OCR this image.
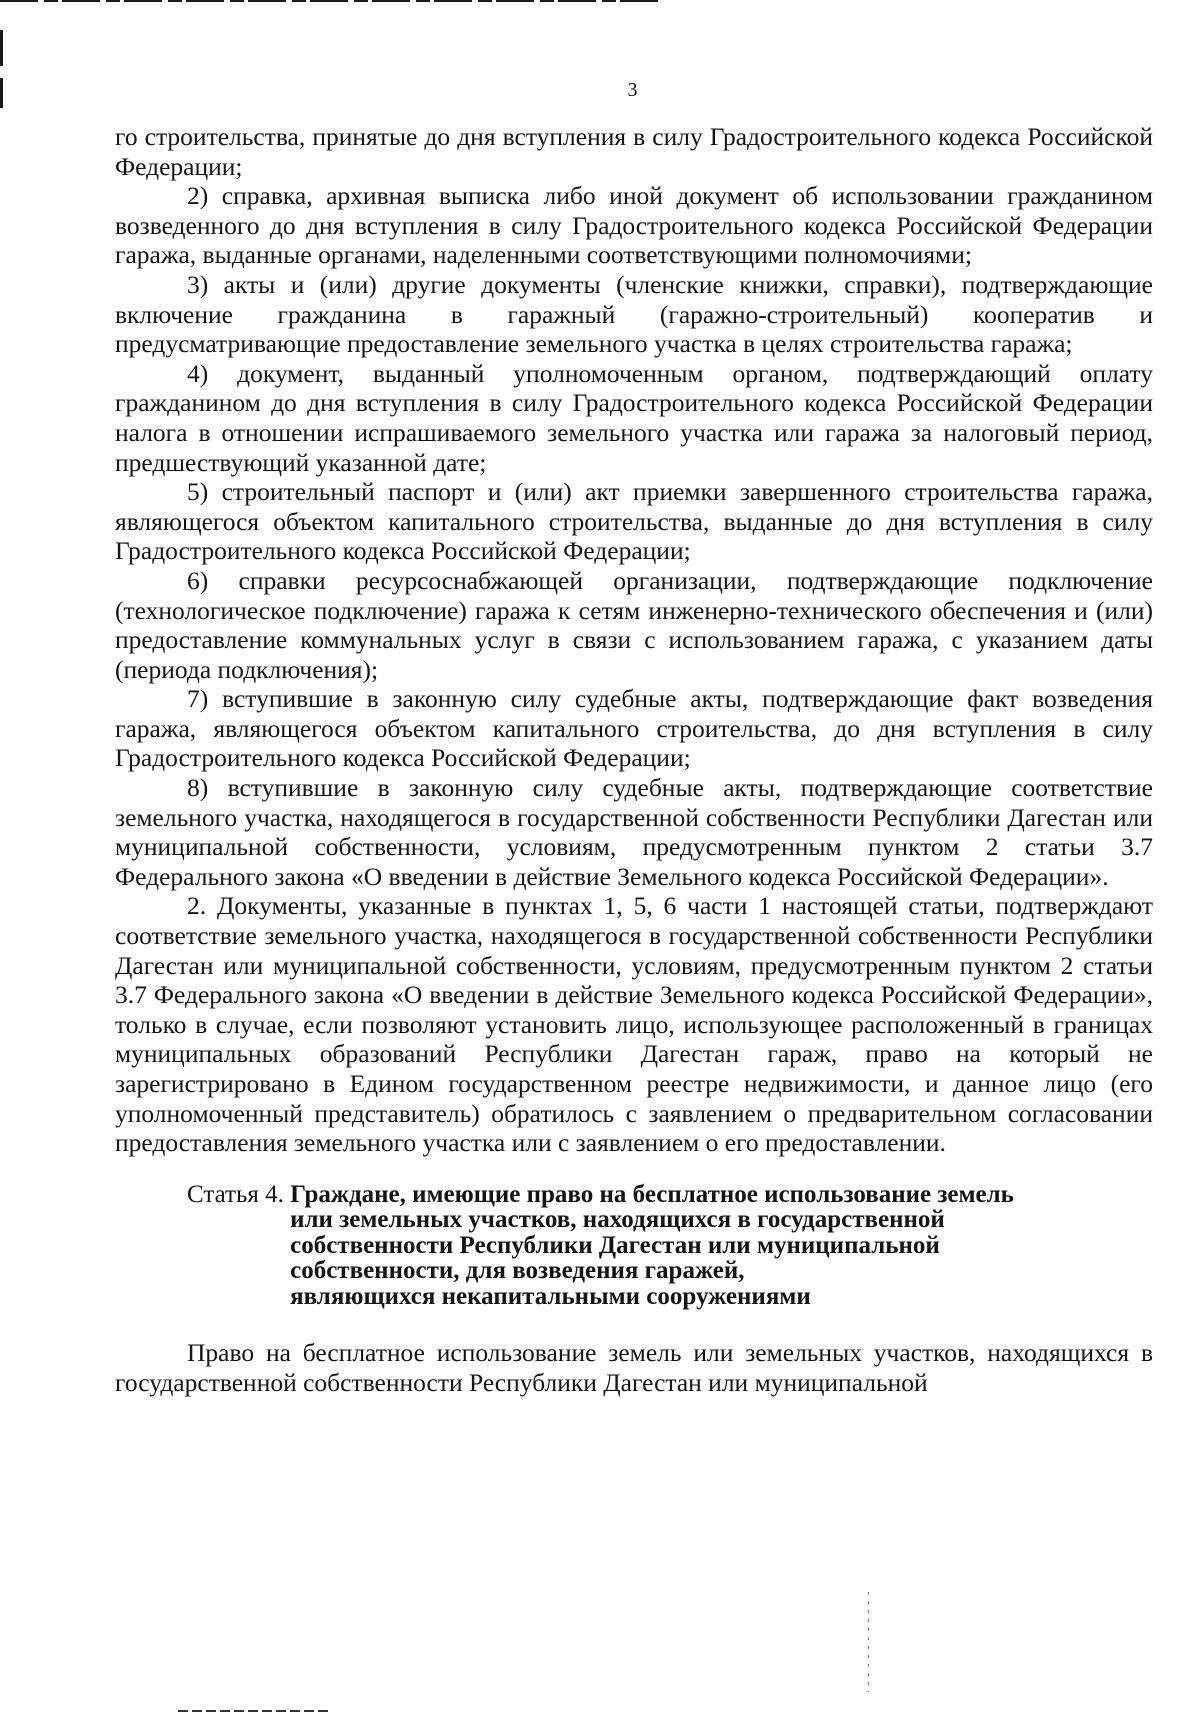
3

го строительства, принятые до дня вступления в силу Градостроительного кодекса Российской Федерации;

2) справка, архивная выписка либо иной документ об использовании гражданином возведенного до дня вступления в силу Градостроительного кодекса Российской Федерации гаража, выданные органами, наделенными соответствующими полномочиями;

3) акты и (или) другие документы (членские книжки, справки), подтверждающие включение гражданина в гаражный (гаражно-строительный) кооператив и предусматривающие предоставление земельного участка в целях строительства гаража;

4) документ, выданный уполномоченным органом, подтверждающий оплату гражданином до дня вступления в силу Градостроительного кодекса Российской Федерации налога в отношении испрашиваемого земельного участка или гаража за налоговый период, предшествующий указанной дате;

5) строительный паспорт и (или) акт приемки завершенного строительства гаража, являющегося объектом капитального строительства, выданные до дня вступления в силу Градостроительного кодекса Российской Федерации;

6) справки ресурсоснабжающей организации, подтверждающие подключение (технологическое подключение) гаража к сетям инженерно-технического обеспечения и (или) предоставление коммунальных услуг в связи с использованием гаража, с указанием даты (периода подключения);

7) вступившие в законную силу судебные акты, подтверждающие факт возведения гаража, являющегося объектом капитального строительства, до дня вступления в силу Градостроительного кодекса Российской Федерации;

8) вступившие в законную силу судебные акты, подтверждающие соответствие земельного участка, находящегося в государственной собственности Республики Дагестан или муниципальной собственности, условиям, предусмотренным пунктом 2 статьи 3.7 Федерального закона «О введении в действие Земельного кодекса Российской Федерации».

2. Документы, указанные в пунктах 1, 5, 6 части 1 настоящей статьи, подтверждают соответствие земельного участка, находящегося в государственной собственности Республики Дагестан или муниципальной собственности, условиям, предусмотренным пунктом 2 статьи 3.7 Федерального закона «О введении в действие Земельного кодекса Российской Федерации», только в случае, если позволяют установить лицо, использующее расположенный в границах муниципальных образований Республики Дагестан гараж, право на который не зарегистрировано в Едином государственном реестре недвижимости, и данное лицо (его уполномоченный представитель) обратилось с заявлением о предварительном согласовании предоставления земельного участка или с заявлением о его предоставлении.

Статья 4.
Граждане, имеющие право на бесплатное использование земель
или земельных участков, находящихся в государственной
собственности Республики Дагестан или муниципальной
собственности, для возведения гаражей,
являющихся некапитальными сооружениями

Право на бесплатное использование земель или земельных участков, находящихся в государственной собственности Республики Дагестан или муниципальной
